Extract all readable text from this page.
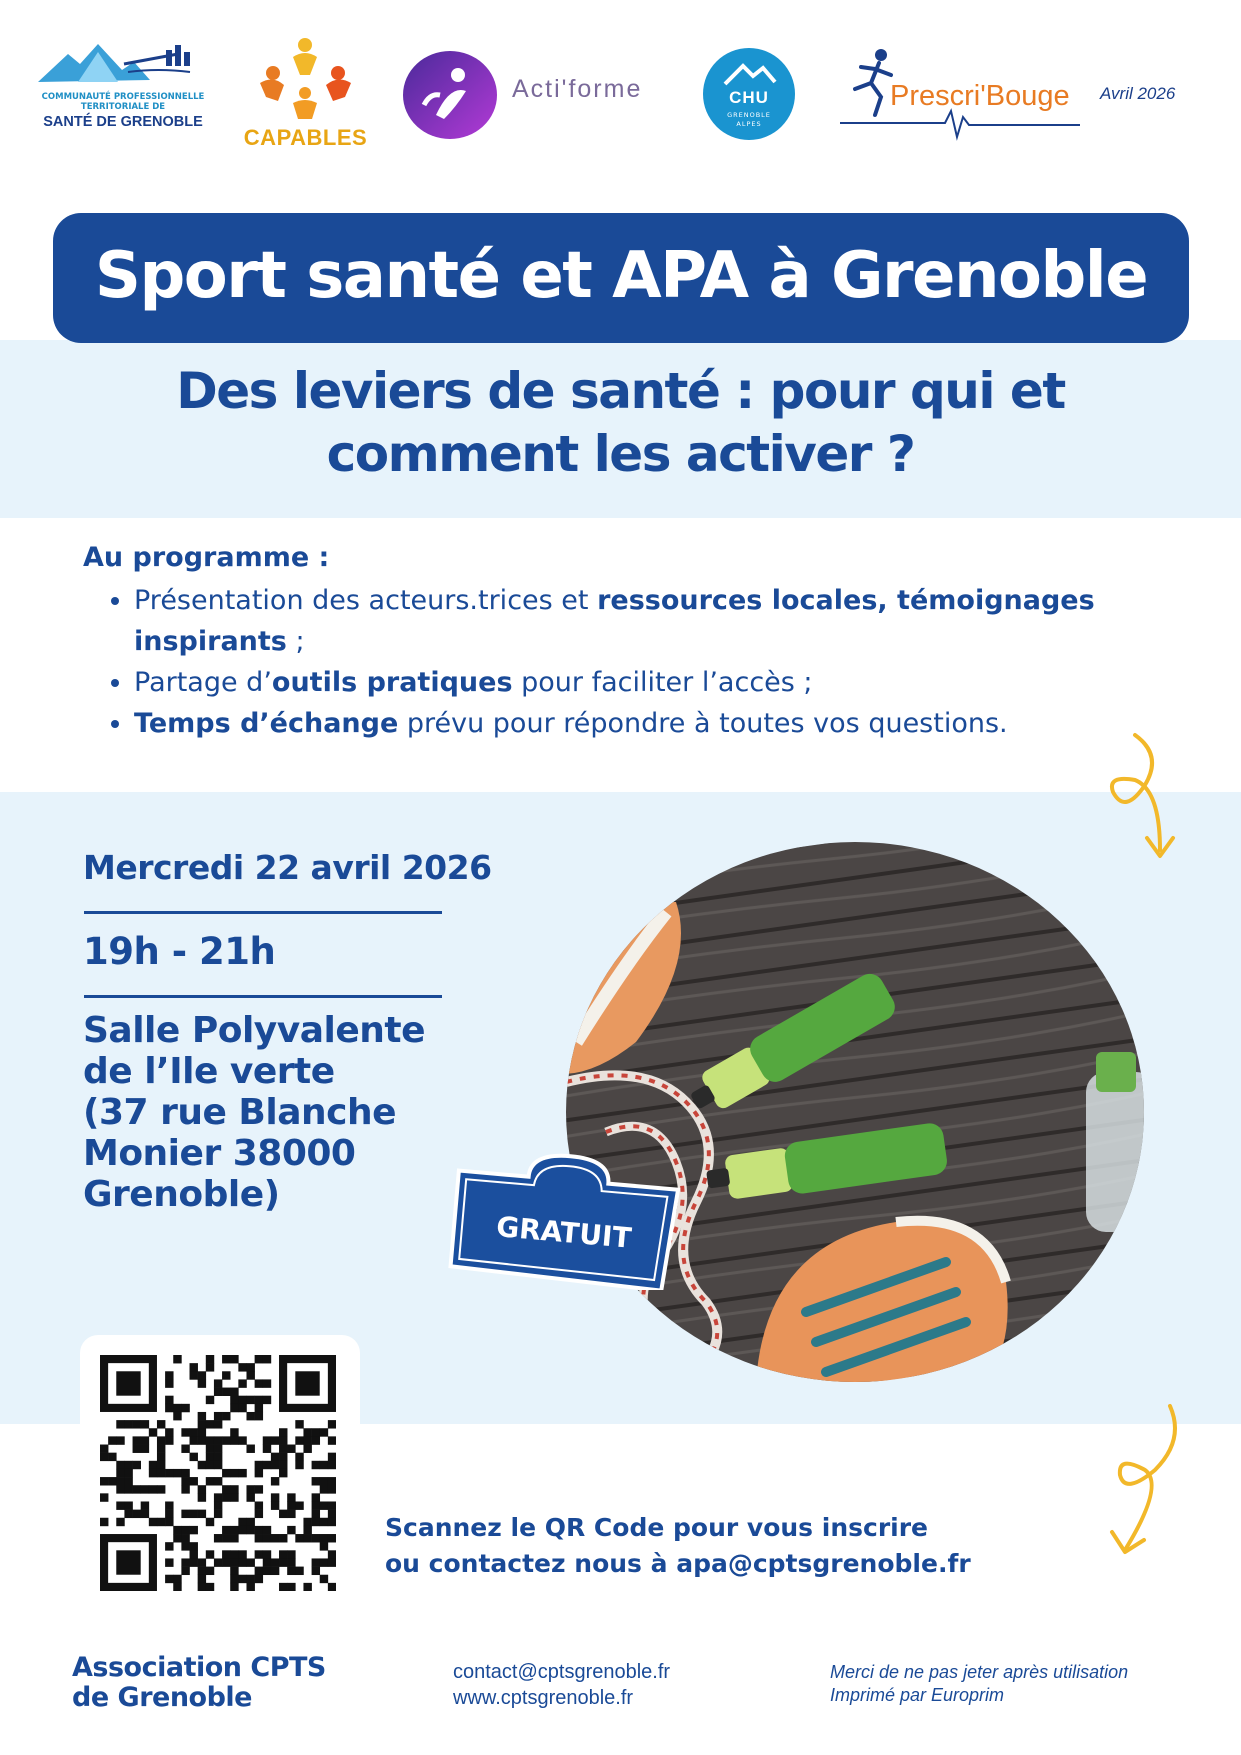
COMMUNAUTÉ PROFESSIONNELLE
TERRITORIALE DE
SANTÉ DE GRENOBLE
CAPABLES
Acti'forme	CHU
GRENOBLE
ALPES
Prescri'Bouge Avril 2026
Des leviers de santé : pour qui et
comment les activer ?
Sport santé et APA à Grenoble
Au programme :
• Présentation des acteurs.trices et ressources locales, témoignages inspirants ;
• Partage d’outils pratiques pour faciliter l’accès ;
• Temps d’échange prévu pour répondre à toutes vos questions.
Mercredi 22 avril 2026
19h - 21h
Salle Polyvalente
de l’Ile verte
(37 rue Blanche
Monier 38000
Grenoble)
GRATUIT
Scannez le QR Code pour vous inscrire
ou contactez nous à apa@cptsgrenoble.fr
Association CPTS
de Grenoble
contact@cptsgrenoble.fr
www.cptsgrenoble.fr
Merci de ne pas jeter après utilisation
Imprimé par Europrim
